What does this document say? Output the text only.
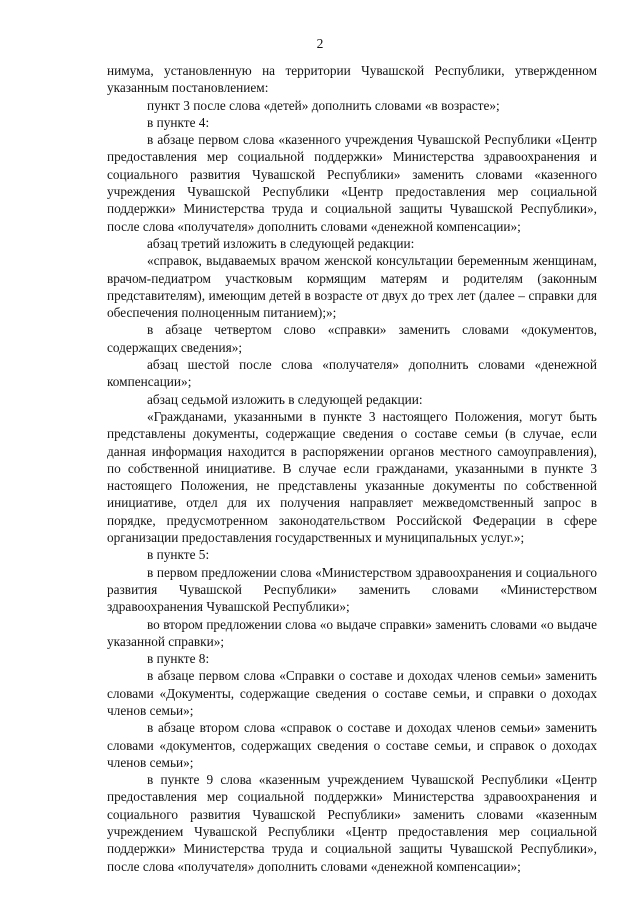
2

нимума, установленную на территории Чувашской Республики, утвержденном указанным постановлением:

пункт 3 после слова «детей» дополнить словами «в возрасте»;

в пункте 4:

в абзаце первом слова «казенного учреждения Чувашской Республики «Центр предоставления мер социальной поддержки» Министерства здравоохранения и социального развития Чувашской Республики» заменить словами «казенного учреждения Чувашской Республики «Центр предоставления мер социальной поддержки» Министерства труда и социальной защиты Чувашской Республики», после слова «получателя» дополнить словами «денежной компенсации»;

абзац третий изложить в следующей редакции:

«справок, выдаваемых врачом женской консультации беременным женщинам, врачом-педиатром участковым кормящим матерям и родителям (законным представителям), имеющим детей в возрасте от двух до трех лет (далее – справки для обеспечения полноценным питанием);»;

в абзаце четвертом слово «справки» заменить словами «документов, содержащих сведения»;

абзац шестой после слова «получателя» дополнить словами «денежной компенсации»;

абзац седьмой изложить в следующей редакции:

«Гражданами, указанными в пункте 3 настоящего Положения, могут быть представлены документы, содержащие сведения о составе семьи (в случае, если данная информация находится в распоряжении органов местного самоуправления), по собственной инициативе. В случае если гражданами, указанными в пункте 3 настоящего Положения, не представлены указанные документы по собственной инициативе, отдел для их получения направляет межведомственный запрос в порядке, предусмотренном законодательством Российской Федерации в сфере организации предоставления государственных и муниципальных услуг.»;

в пункте 5:

в первом предложении слова «Министерством здравоохранения и социального развития Чувашской Республики» заменить словами «Министерством здравоохранения Чувашской Республики»;

во втором предложении слова «о выдаче справки» заменить словами «о выдаче указанной справки»;

в пункте 8:

в абзаце первом слова «Справки о составе и доходах членов семьи» заменить словами «Документы, содержащие сведения о составе семьи, и справки о доходах членов семьи»;

в абзаце втором слова «справок о составе и доходах членов семьи» заменить словами «документов, содержащих сведения о составе семьи, и справок о доходах членов семьи»;

в пункте 9 слова «казенным учреждением Чувашской Республики «Центр предоставления мер социальной поддержки» Министерства здравоохранения и социального развития Чувашской Республики» заменить словами «казенным учреждением Чувашской Республики «Центр предоставления мер социальной поддержки» Министерства труда и социальной защиты Чувашской Республики», после слова «получателя» дополнить словами «денежной компенсации»;
